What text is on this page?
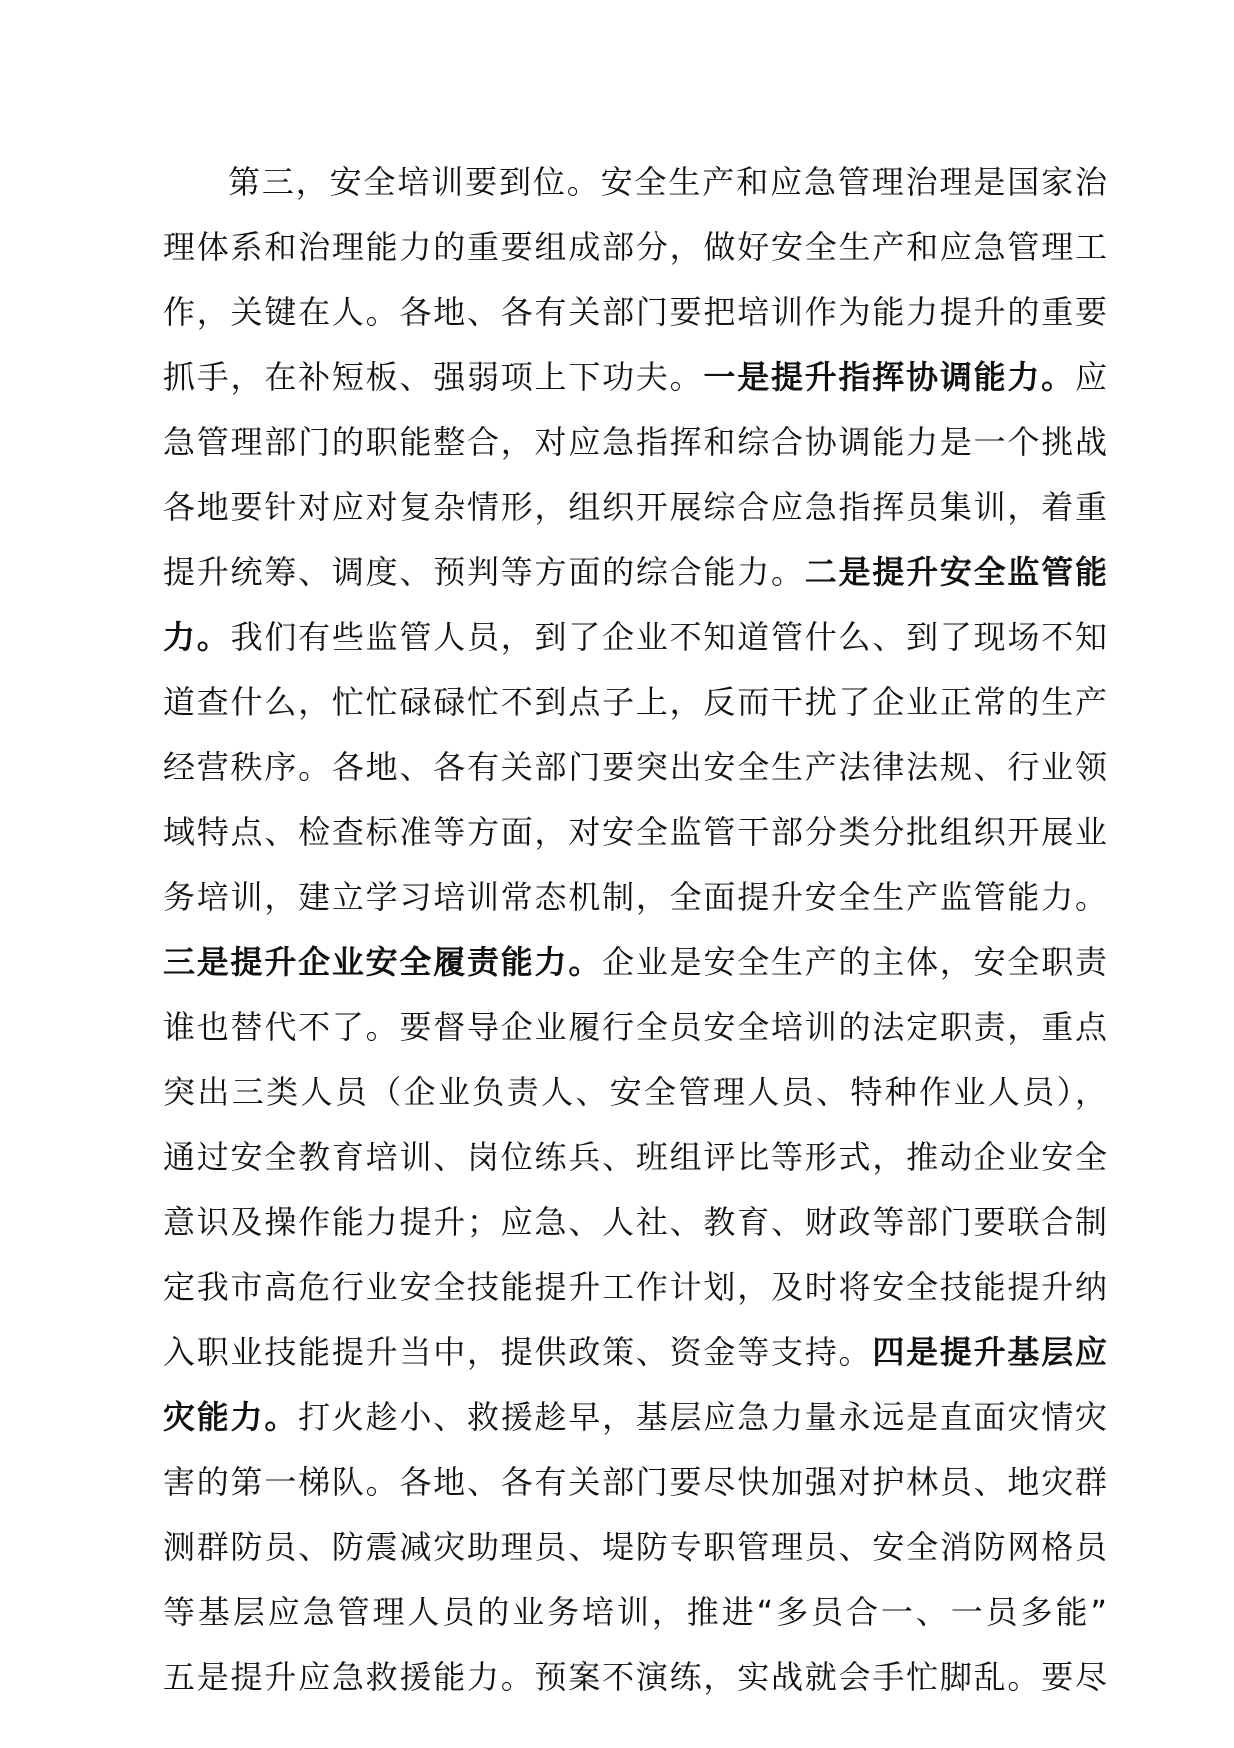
第三，安全培训要到位。安全生产和应急管理治理是国家治
理体系和治理能力的重要组成部分，做好安全生产和应急管理工
作，关键在人。各地、各有关部门要把培训作为能力提升的重要
抓手，在补短板、强弱项上下功夫。一是提升指挥协调能力。应
急管理部门的职能整合，对应急指挥和综合协调能力是一个挑战
各地要针对应对复杂情形，组织开展综合应急指挥员集训，着重
提升统筹、调度、预判等方面的综合能力。二是提升安全监管能
力。我们有些监管人员，到了企业不知道管什么、到了现场不知
道查什么，忙忙碌碌忙不到点子上，反而干扰了企业正常的生产
经营秩序。各地、各有关部门要突出安全生产法律法规、行业领
域特点、检查标准等方面，对安全监管干部分类分批组织开展业
务培训，建立学习培训常态机制，全面提升安全生产监管能力。
三是提升企业安全履责能力。企业是安全生产的主体，安全职责
谁也替代不了。要督导企业履行全员安全培训的法定职责，重点
突出三类人员（企业负责人、安全管理人员、特种作业人员），
通过安全教育培训、岗位练兵、班组评比等形式，推动企业安全
意识及操作能力提升；应急、人社、教育、财政等部门要联合制
定我市高危行业安全技能提升工作计划，及时将安全技能提升纳
入职业技能提升当中，提供政策、资金等支持。四是提升基层应
灾能力。打火趁小、救援趁早，基层应急力量永远是直面灾情灾
害的第一梯队。各地、各有关部门要尽快加强对护林员、地灾群
测群防员、防震减灾助理员、堤防专职管理员、安全消防网格员
等基层应急管理人员的业务培训，推进“多员合一、一员多能”
五是提升应急救援能力。预案不演练，实战就会手忙脚乱。要尽
